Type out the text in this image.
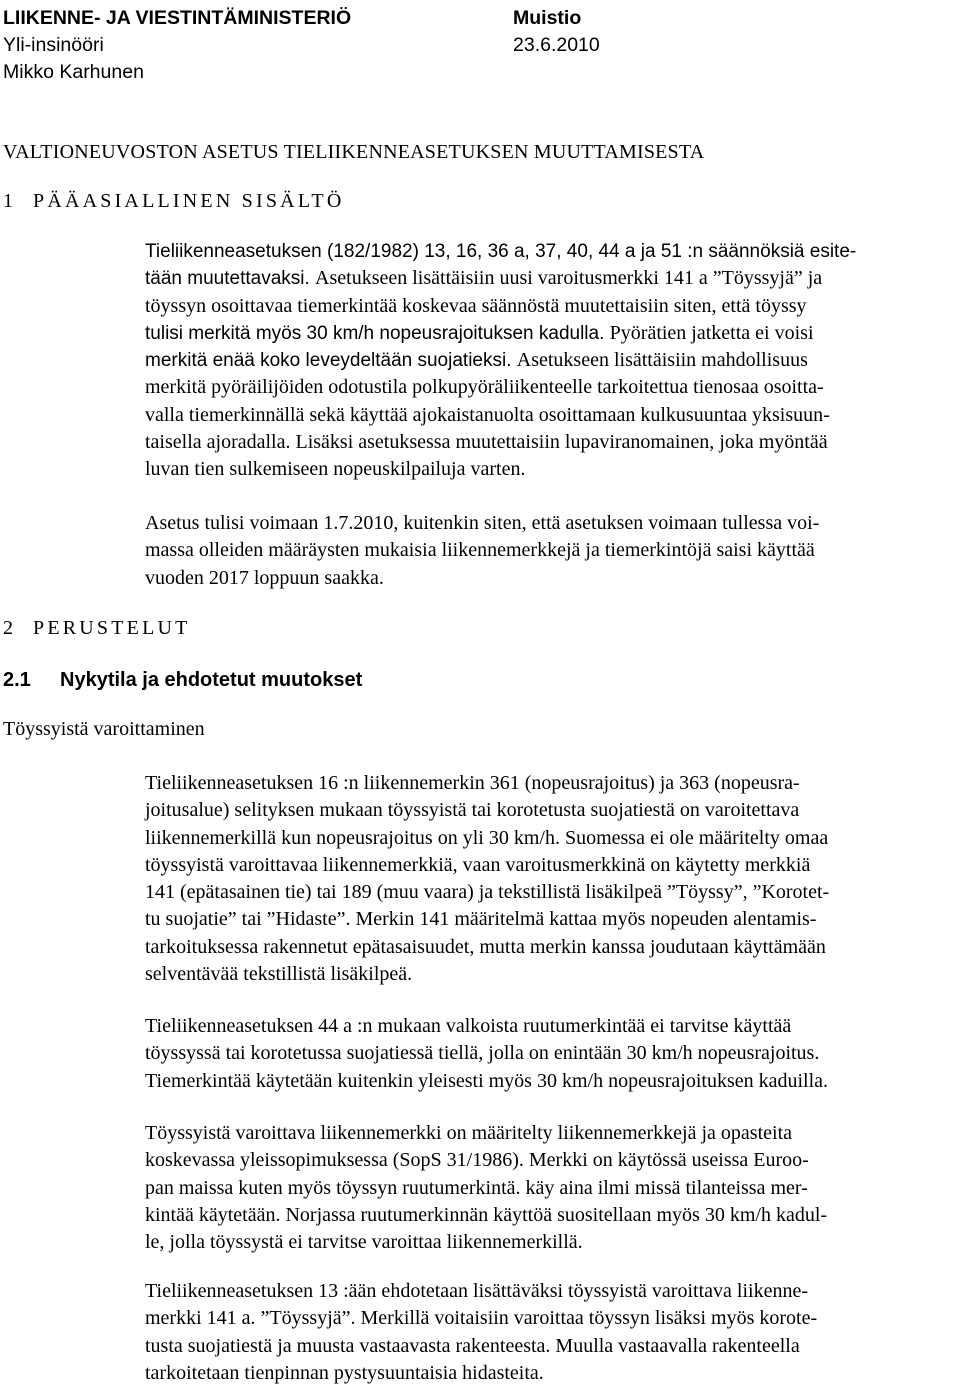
LIIKENNE- JA VIESTINTÄMINISTERIÖ	Muistio
Yli-insinööri	23.6.2010
Mikko Karhunen
VALTIONEUVOSTON ASETUS TIELIIKENNEASETUKSEN MUUTTAMISESTA
1 PÄÄASIALLINEN SISÄLTÖ
Tieliikenneasetuksen (182/1982) 13, 16, 36 a, 37, 40, 44 a ja 51 :n säännöksiä esite-
tään muutettavaksi. Asetukseen lisättäisiin uusi varoitusmerkki 141 a ”Töyssyjä” ja
töyssyn osoittavaa tiemerkintää koskevaa säännöstä muutettaisiin siten, että töyssy
tulisi merkitä myös 30 km/h nopeusrajoituksen kadulla. Pyörätien jatketta ei voisi
merkitä enää koko leveydeltään suojatieksi. Asetukseen lisättäisiin mahdollisuus
merkitä pyöräilijöiden odotustila polkupyöräliikenteelle tarkoitettua tienosaa osoitta-
valla tiemerkinnällä sekä käyttää ajokaistanuolta osoittamaan kulkusuuntaa yksisuun-
taisella ajoradalla. Lisäksi asetuksessa muutettaisiin lupaviranomainen, joka myöntää
luvan tien sulkemiseen nopeuskilpailuja varten.
Asetus tulisi voimaan 1.7.2010, kuitenkin siten, että asetuksen voimaan tullessa voi-
massa olleiden määräysten mukaisia liikennemerkkejä ja tiemerkintöjä saisi käyttää
vuoden 2017 loppuun saakka.
2 PERUSTELUT
2.1 Nykytila ja ehdotetut muutokset
Töyssyistä varoittaminen
Tieliikenneasetuksen 16 :n liikennemerkin 361 (nopeusrajoitus) ja 363 (nopeusra-
joitusalue) selityksen mukaan töyssyistä tai korotetusta suojatiestä on varoitettava
liikennemerkillä kun nopeusrajoitus on yli 30 km/h. Suomessa ei ole määritelty omaa
töyssyistä varoittavaa liikennemerkkiä, vaan varoitusmerkkinä on käytetty merkkiä
141 (epätasainen tie) tai 189 (muu vaara) ja tekstillistä lisäkilpeä ”Töyssy”, ”Korotet-
tu suojatie” tai ”Hidaste”. Merkin 141 määritelmä kattaa myös nopeuden alentamis-
tarkoituksessa rakennetut epätasaisuudet, mutta merkin kanssa joudutaan käyttämään
selventävää tekstillistä lisäkilpeä.
Tieliikenneasetuksen 44 a :n mukaan valkoista ruutumerkintää ei tarvitse käyttää
töyssyssä tai korotetussa suojatiessä tiellä, jolla on enintään 30 km/h nopeusrajoitus.
Tiemerkintää käytetään kuitenkin yleisesti myös 30 km/h nopeusrajoituksen kaduilla.
Töyssyistä varoittava liikennemerkki on määritelty liikennemerkkejä ja opasteita
koskevassa yleissopimuksessa (SopS 31/1986). Merkki on käytössä useissa Euroo-
pan maissa kuten myös töyssyn ruutumerkintä. käy aina ilmi missä tilanteissa mer-
kintää käytetään. Norjassa ruutumerkinnän käyttöä suositellaan myös 30 km/h kadul-
le, jolla töyssystä ei tarvitse varoittaa liikennemerkillä.
Tieliikenneasetuksen 13 :ään ehdotetaan lisättäväksi töyssyistä varoittava liikenne-
merkki 141 a. ”Töyssyjä”. Merkillä voitaisiin varoittaa töyssyn lisäksi myös korote-
tusta suojatiestä ja muusta vastaavasta rakenteesta. Muulla vastaavalla rakenteella
tarkoitetaan tienpinnan pystysuuntaisia hidasteita.
